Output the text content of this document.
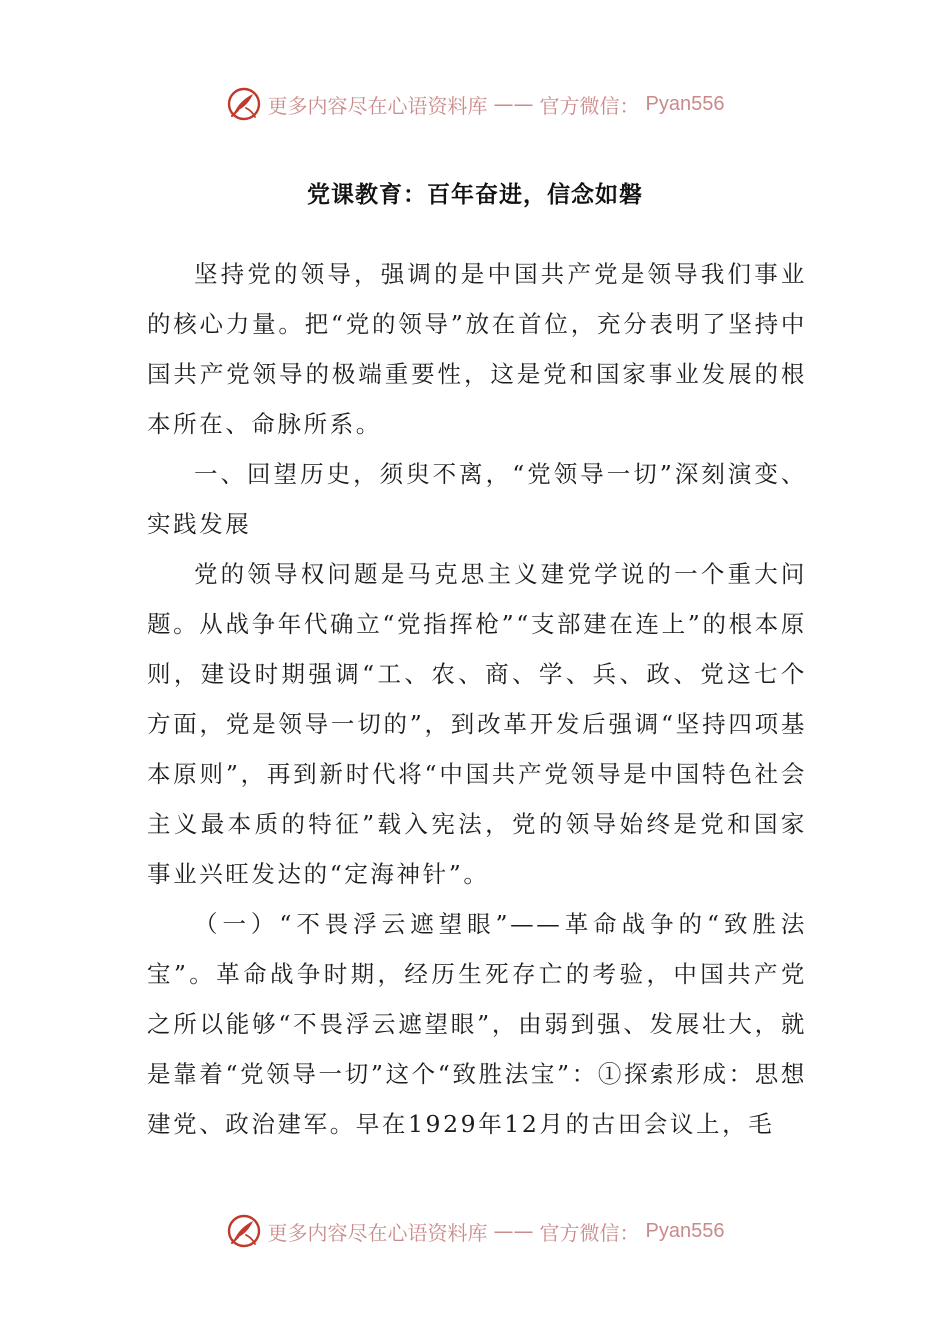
更多内容尽在心语资料库 —— 官方微信： Pyan556
党课教育：百年奋进，信念如磐

坚持党的领导，强调的是中国共产党是领导我们事业的核心力量。把“党的领导”放在首位，充分表明了坚持中国共产党领导的极端重要性，这是党和国家事业发展的根本所在、命脉所系。

一、回望历史，须臾不离，“党领导一切”深刻演变、实践发展

党的领导权问题是马克思主义建党学说的一个重大问题。从战争年代确立“党指挥枪”“支部建在连上”的根本原则，建设时期强调“工、农、商、学、兵、政、党这七个方面，党是领导一切的”，到改革开发后强调“坚持四项基本原则”，再到新时代将“中国共产党领导是中国特色社会主义最本质的特征”载入宪法，党的领导始终是党和国家事业兴旺发达的“定海神针”。

（一）“不畏浮云遮望眼”——革命战争的“致胜法宝”。革命战争时期，经历生死存亡的考验，中国共产党之所以能够“不畏浮云遮望眼”，由弱到强、发展壮大，就是靠着“党领导一切”这个“致胜法宝”：①探索形成：思想建党、政治建军。早在1929年12月的古田会议上，毛

更多内容尽在心语资料库 —— 官方微信： Pyan556
